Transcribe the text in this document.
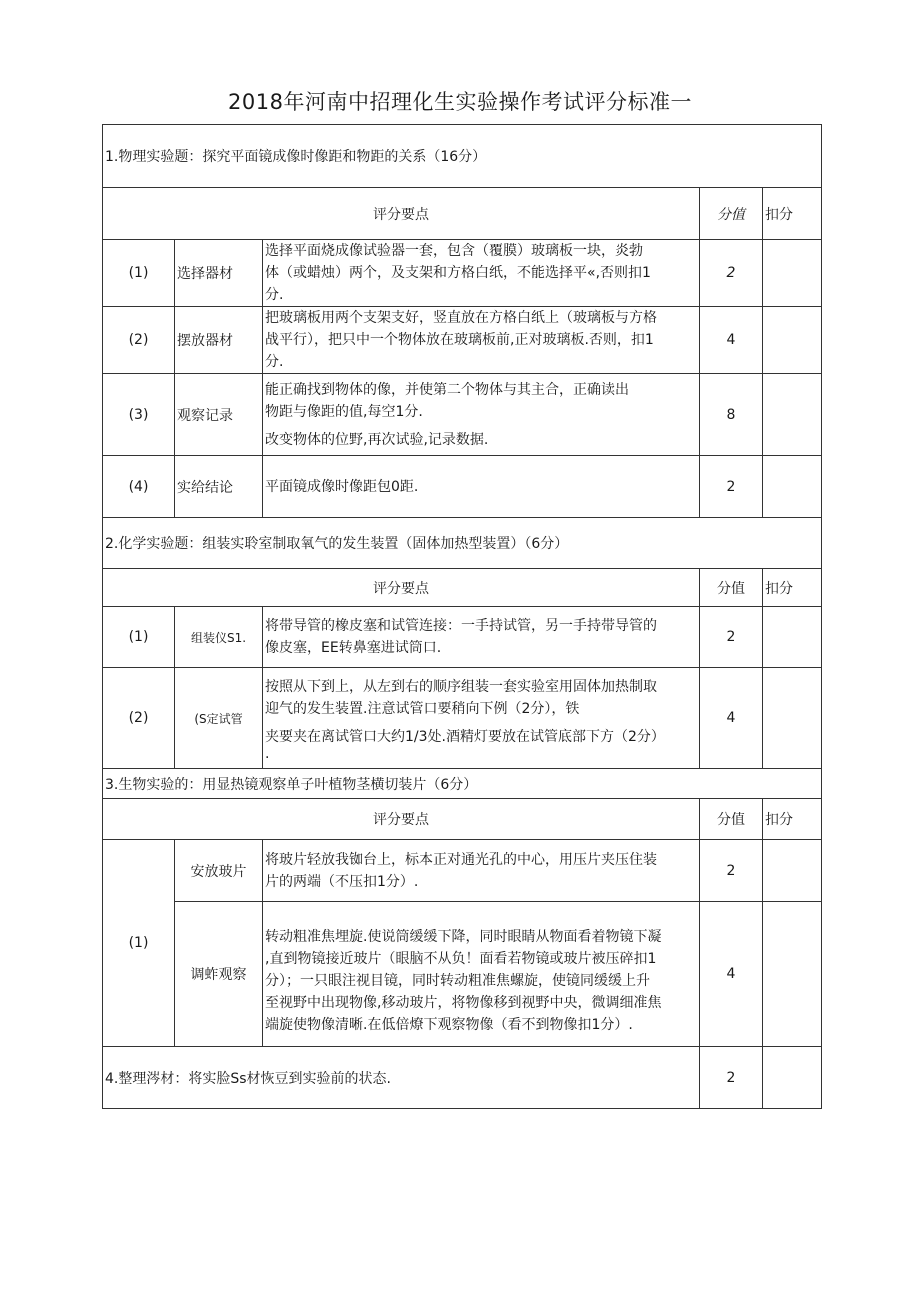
2018年河南中招理化生实验操作考试评分标准一
1.物理实验题：探究平面镜成像时像距和物距的关系（16分）				
评分要点			分值	扣分
(1)	选择器材	选择平面烧成像试验器一套，包含（覆膜）玻璃板一块，炎勃

体（或蜡烛）两个，及支架和方格白纸，不能选择平«,否则扣1

分.	2	
(2)	摆放器材	把玻璃板用两个支架支好，竖直放在方格白纸上（玻璃板与方格

战平行），把只中一个物体放在玻璃板前,正对玻璃板.否则，扣1

分.	4	
(3)	观察记录	能正确找到物体的像，并使第二个物体与其主合，正确读出

物距与像距的值,每空1分.

改变物体的位野,再次试验,记录数据.	8	
(4)	实给结论	平面镜成像时像距包0距.	2	
2.化学实验题：组装实聆室制取氧气的发生装置（固体加热型装置）（6分）				
评分要点			分值	扣分
(1)	组装仪S1.	将带导管的橡皮塞和试管连接：一手持试管，另一手持带导管的

像皮塞，EE转鼻塞进试筒口.	2	
(2)	(S定试管	按照从下到上，从左到右的顺序组装一套实验室用固体加热制取

迎气的发生装置.注意试管口要稍向下例（2分），铁

夹要夹在离试管口大约1/3处.酒精灯要放在试管底部下方（2分）

.	4	
3.生物实验的：用显热镜观察单子叶植物茎横切装片（6分）				
评分要点			分值	扣分
(1)	安放玻片	将玻片轻放我铷台上，标本正对通光孔的中心，用压片夹压住装

片的两端（不压扣1分）.	2	
	调蚱观察	转动粗准焦埋旋.使说筒缓缓下降，同时眼睛从物面看着物镜下凝

,直到物镜接近玻片（眼脑不从负！面看若物镜或玻片被压碎扣1

分）；一只眼注视目镜，同时转动粗准焦螺旋，使镜同缓缓上升

至视野中出现物像,移动玻片，将物像移到视野中央，微调细准焦

端旋使物像清晰.在低倍燎下观察物像（看不到物像扣1分）.	4	
4.整理涔材：将实脸Ss材恢豆到实验前的状态.			2	
